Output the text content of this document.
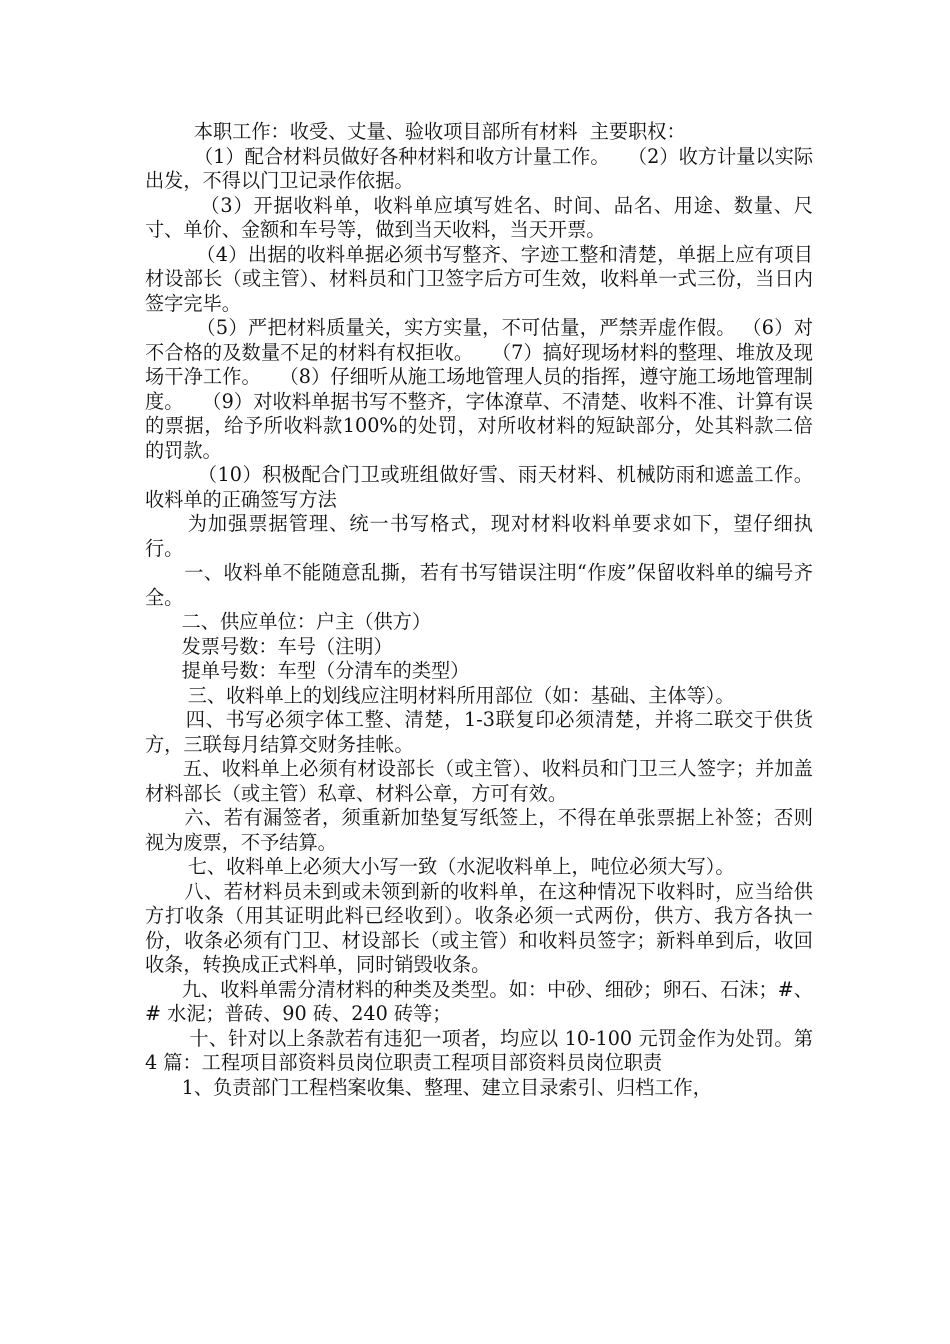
本职工作：收受、丈量、验收项目部所有材料  主要职权：

（1）配合材料员做好各种材料和收方计量工作。   （2）收方计量以实际出发，不得以门卫记录作依据。

（3）开据收料单，收料单应填写姓名、时间、品名、用途、数量、尺寸、单价、金额和车号等，做到当天收料，当天开票。

（4）出据的收料单据必须书写整齐、字迹工整和清楚，单据上应有项目材设部长（或主管）、材料员和门卫签字后方可生效，收料单一式三份，当日内签字完毕。

（5）严把材料质量关，实方实量，不可估量，严禁弄虚作假。 （6）对不合格的及数量不足的材料有权拒收。   （7）搞好现场材料的整理、堆放及现场干净工作。   （8）仔细听从施工场地管理人员的指挥，遵守施工场地管理制度。   （9）对收料单据书写不整齐，字体潦草、不清楚、收料不准、计算有误的票据，给予所收料款100%的处罚，对所收材料的短缺部分，处其料款二倍的罚款。

（10）积极配合门卫或班组做好雪、雨天材料、机械防雨和遮盖工作。 收料单的正确签写方法

为加强票据管理、统一书写格式，现对材料收料单要求如下，望仔细执行。

一、收料单不能随意乱撕，若有书写错误注明“作废”保留收料单的编号齐全。

二、供应单位：户主（供方）

发票号数：车号（注明）

提单号数：车型（分清车的类型）

三、收料单上的划线应注明材料所用部位（如：基础、主体等）。

四、书写必须字体工整、清楚，1-3联复印必须清楚，并将二联交于供货方，三联每月结算交财务挂帐。

五、收料单上必须有材设部长（或主管）、收料员和门卫三人签字；并加盖材料部长（或主管）私章、材料公章，方可有效。

六、若有漏签者，须重新加垫复写纸签上，不得在单张票据上补签；否则视为废票，不予结算。

七、收料单上必须大小写一致（水泥收料单上，吨位必须大写）。

八、若材料员未到或未领到新的收料单，在这种情况下收料时，应当给供方打收条（用其证明此料已经收到）。收条必须一式两份，供方、我方各执一份，收条必须有门卫、材设部长（或主管）和收料员签字；新料单到后，收回收条，转换成正式料单，同时销毁收条。

九、收料单需分清材料的种类及类型。如：中砂、细砂；卵石、石沫；#、# 水泥；普砖、90 砖、240 砖等；

十、针对以上条款若有违犯一项者，均应以 10-100 元罚金作为处罚。第 4 篇：工程项目部资料员岗位职责工程项目部资料员岗位职责

1、负责部门工程档案收集、整理、建立目录索引、归档工作，
